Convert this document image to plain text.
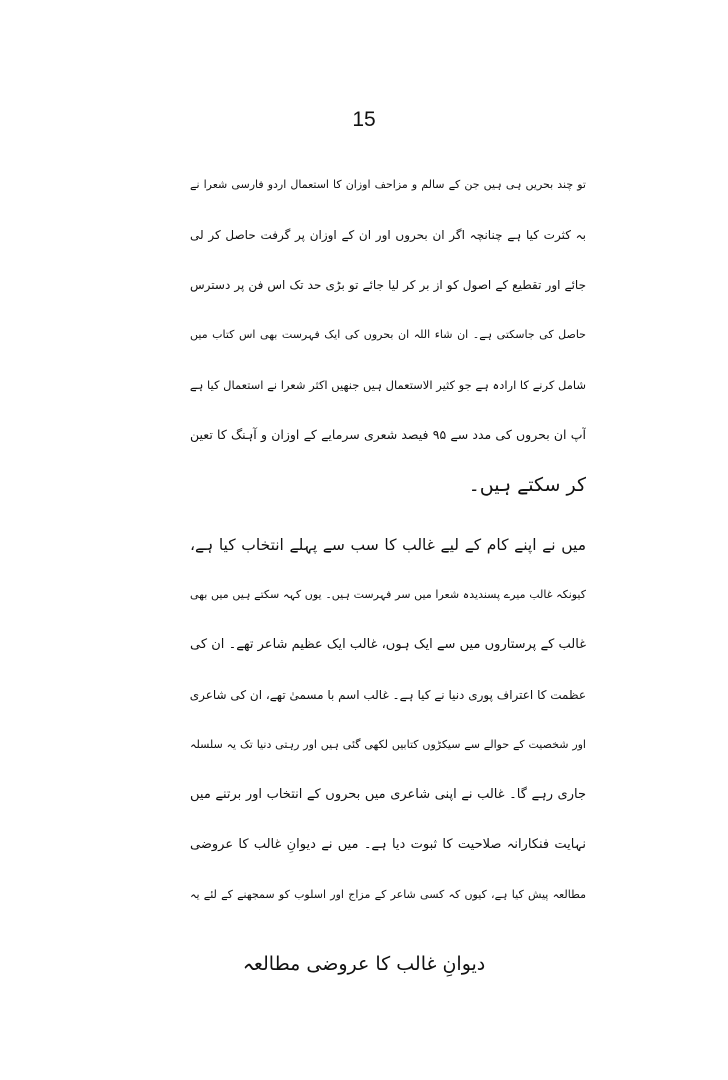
15
تو چند بحریں ہی ہیں جن کے سالم و مزاحف اوزان کا استعمال اردو فارسی شعرا نے
بہ کثرت کیا ہے چنانچہ اگر ان بحروں اور ان کے اوزان پر گرفت حاصل کر لی
جائے اور تقطیع کے اصول کو از بر کر لیا جائے تو بڑی حد تک اس فن پر دسترس
حاصل کی جاسکتی ہے۔ ان شاء اللہ ان بحروں کی ایک فہرست بھی اس کتاب میں
شامل کرنے کا ارادہ ہے جو کثیر الاستعمال ہیں جنھیں اکثر شعرا نے استعمال کیا ہے
آپ ان بحروں کی مدد سے ۹۵ فیصد شعری سرمایے کے اوزان و آہنگ کا تعین
کر سکتے ہیں۔
میں نے اپنے کام کے لیے غالب کا سب سے پہلے انتخاب کیا ہے،
کیونکہ غالب میرے پسندیدہ شعرا میں سر فہرست ہیں۔ یوں کہہ سکتے ہیں میں بھی
غالب کے پرستاروں میں سے ایک ہوں، غالب ایک عظیم شاعر تھے۔ ان کی
عظمت کا اعتراف پوری دنیا نے کیا ہے۔ غالب اسم با مسمیٰ تھے، ان کی شاعری
اور شخصیت کے حوالے سے سیکڑوں کتابیں لکھی گئی ہیں اور رہتی دنیا تک یہ سلسلہ
جاری رہے گا۔ غالب نے اپنی شاعری میں بحروں کے انتخاب اور برتنے میں
نہایت فنکارانہ صلاحیت کا ثبوت دیا ہے۔ میں نے دیوانِ غالب کا عروضی
مطالعہ پیش کیا ہے، کیوں کہ کسی شاعر کے مزاج اور اسلوب کو سمجھنے کے لئے یہ
دیوانِ غالب کا عروضی مطالعہ
